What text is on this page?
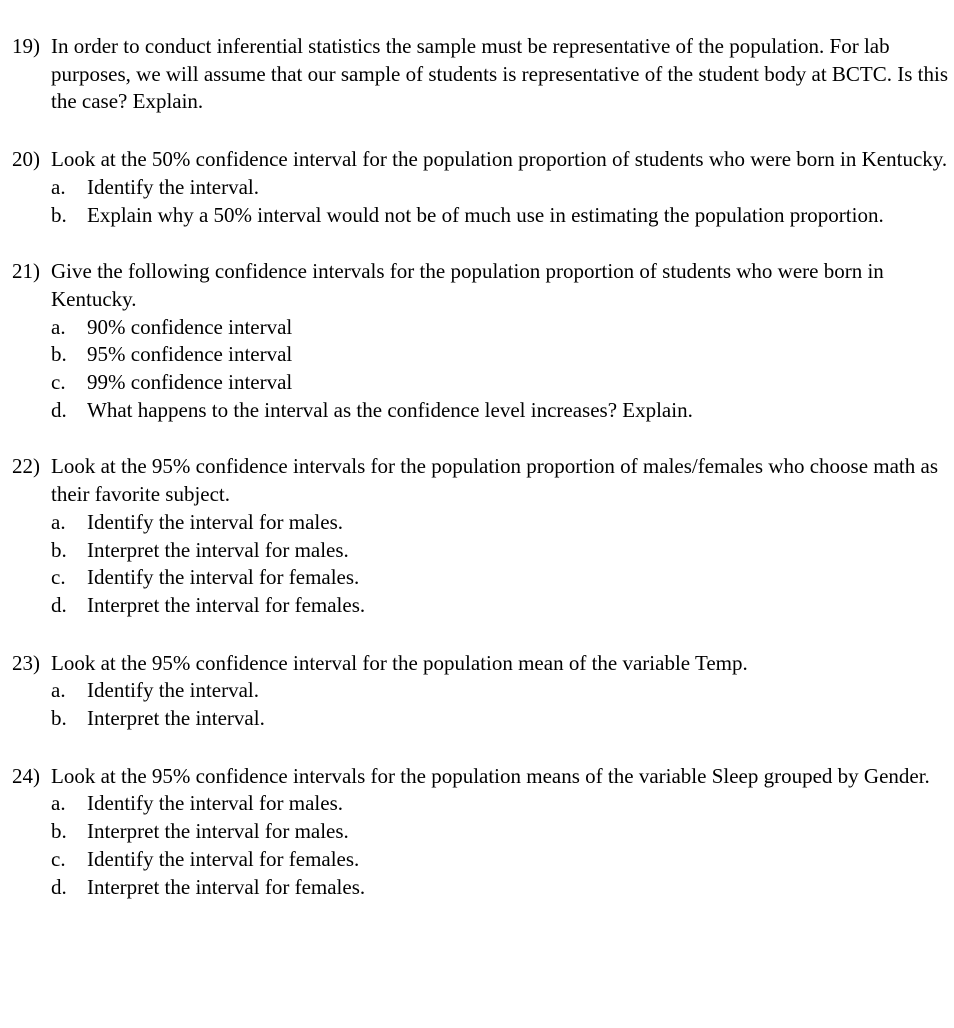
19) In order to conduct inferential statistics the sample must be representative of the population. For lab purposes, we will assume that our sample of students is representative of the student body at BCTC. Is this the case? Explain.
20) Look at the 50% confidence interval for the population proportion of students who were born in Kentucky.
a. Identify the interval.
b. Explain why a 50% interval would not be of much use in estimating the population proportion.
21) Give the following confidence intervals for the population proportion of students who were born in Kentucky.
a. 90% confidence interval
b. 95% confidence interval
c. 99% confidence interval
d. What happens to the interval as the confidence level increases? Explain.
22) Look at the 95% confidence intervals for the population proportion of males/females who choose math as their favorite subject.
a. Identify the interval for males.
b. Interpret the interval for males.
c. Identify the interval for females.
d. Interpret the interval for females.
23) Look at the 95% confidence interval for the population mean of the variable Temp.
a. Identify the interval.
b. Interpret the interval.
24) Look at the 95% confidence intervals for the population means of the variable Sleep grouped by Gender.
a. Identify the interval for males.
b. Interpret the interval for males.
c. Identify the interval for females.
d. Interpret the interval for females.
